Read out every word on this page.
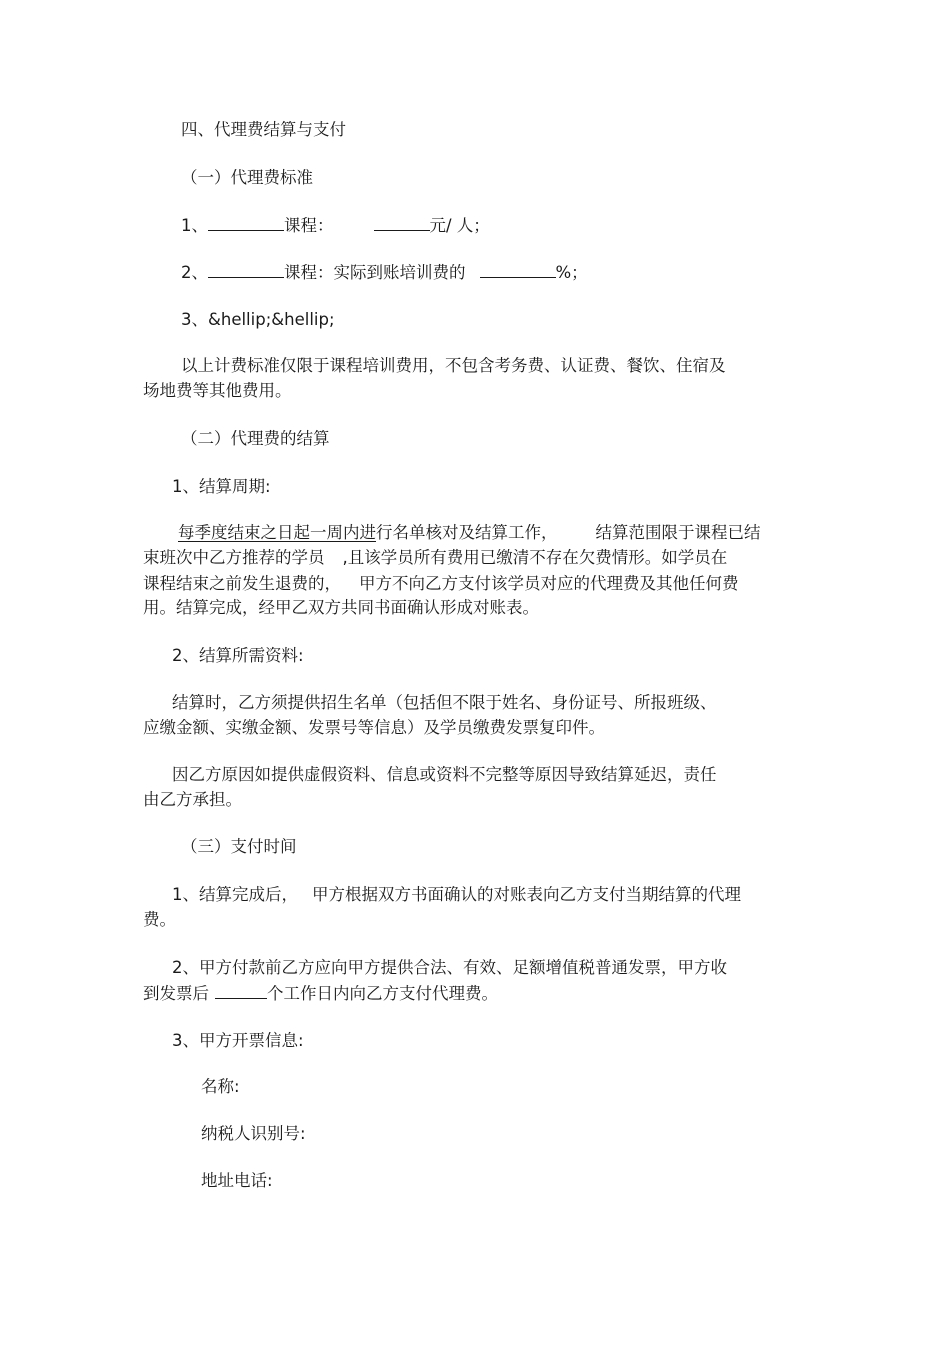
四、代理费结算与支付
（一）代理费标准
1、	课程：	元/ 人；
2、	课程：实际到账培训费的	%；
3、&hellip;&hellip;
以上计费标准仅限于课程培训费用，不包含考务费、认证费、餐饮、住宿及
场地费等其他费用。
（二）代理费的结算
1、结算周期:
每季度结束之日起一周内进行名单核对及结算工作， 结算范围限于课程已结
束班次中乙方推荐的学员 ,且该学员所有费用已缴清不存在欠费情形。如学员在
课程结束之前发生退费的， 甲方不向乙方支付该学员对应的代理费及其他任何费
用。结算完成，经甲乙双方共同书面确认形成对账表。
2、结算所需资料:
结算时，乙方须提供招生名单（包括但不限于姓名、身份证号、所报班级、
应缴金额、实缴金额、发票号等信息）及学员缴费发票复印件。
因乙方原因如提供虚假资料、信息或资料不完整等原因导致结算延迟，责任
由乙方承担。
（三）支付时间
1、结算完成后， 甲方根据双方书面确认的对账表向乙方支付当期结算的代理
费。
2、甲方付款前乙方应向甲方提供合法、有效、足额增值税普通发票，甲方收
到发票后	个工作日内向乙方支付代理费。
3、甲方开票信息:
名称:
纳税人识别号:
地址电话:
